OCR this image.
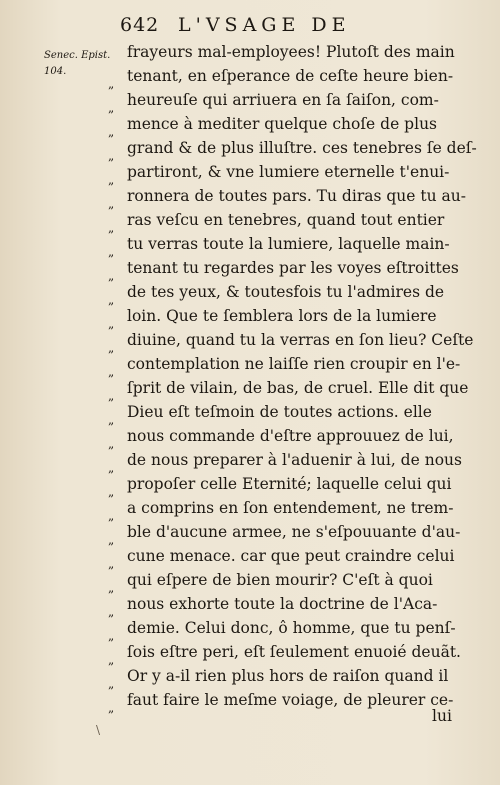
642 L'VSAGE DE
Senec. Epist.
104.
„
„
„
„
„
„
„
„
„
„
„
„
„
„
„
„
„
„
„
„
„
„
„
„
„
„
„
frayeurs mal-employees! Plutoſt des main
tenant, en eſperance de ceſte heure bien-
heureuſe qui arriuera en ſa ſaiſon, com-
mence à mediter quelque choſe de plus
grand & de plus illuſtre. ces tenebres ſe deſ-
partiront, & vne lumiere eternelle t'enui-
ronnera de toutes pars. Tu diras que tu au-
ras veſcu en tenebres, quand tout entier
tu verras toute la lumiere, laquelle main-
tenant tu regardes par les voyes eſtroittes
de tes yeux, & toutesfois tu l'admires de
loin. Que te ſemblera lors de la lumiere
diuine, quand tu la verras en ſon lieu? Ceſte
contemplation ne laiſſe rien croupir en l'e-
ſprit de vilain, de bas, de cruel. Elle dit que
Dieu eſt teſmoin de toutes actions. elle
nous commande d'eſtre approuuez de lui,
de nous preparer à l'aduenir à lui, de nous
propoſer celle Eternité; laquelle celui qui
a comprins en ſon entendement, ne trem-
ble d'aucune armee, ne s'eſpouuante d'au-
cune menace. car que peut craindre celui
qui eſpere de bien mourir? C'eſt à quoi
nous exhorte toute la doctrine de l'Aca-
demie. Celui donc, ô homme, que tu penſ-
ſois eſtre peri, eſt ſeulement enuoié deuãt.
Or y a-il rien plus hors de raiſon quand il
faut faire le meſme voiage, de pleurer ce-
lui
\
